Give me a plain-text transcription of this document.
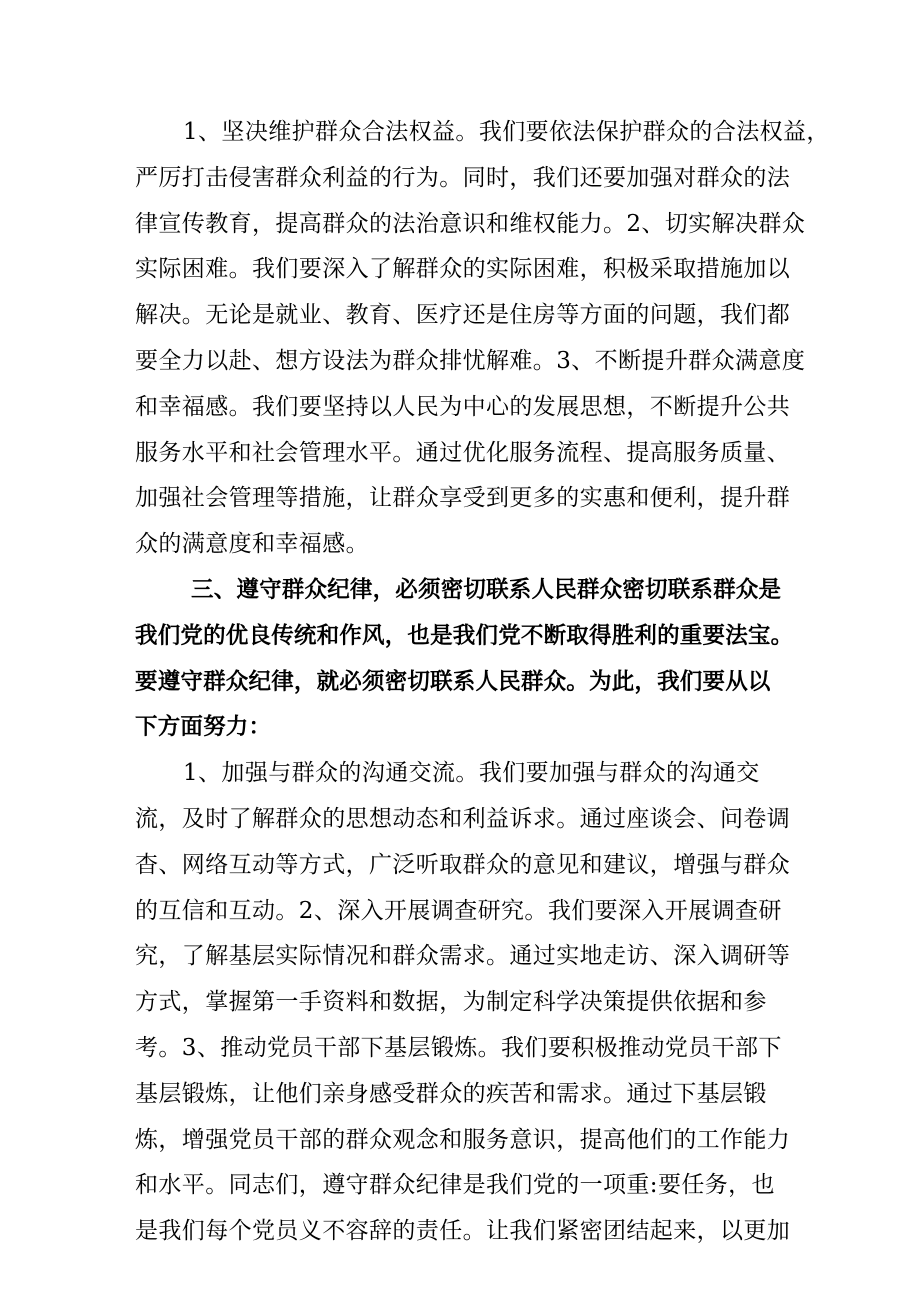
1、坚决维护群众合法权益。我们要依法保护群众的合法权益，
严厉打击侵害群众利益的行为。同时，我们还要加强对群众的法
律宣传教育，提高群众的法治意识和维权能力。2、切实解决群众
实际困难。我们要深入了解群众的实际困难，积极采取措施加以
解决。无论是就业、教育、医疗还是住房等方面的问题，我们都
要全力以赴、想方设法为群众排忧解难。3、不断提升群众满意度
和幸福感。我们要坚持以人民为中心的发展思想，不断提升公共
服务水平和社会管理水平。通过优化服务流程、提高服务质量、
加强社会管理等措施，让群众享受到更多的实惠和便利，提升群
众的满意度和幸福感。
三、遵守群众纪律，必须密切联系人民群众密切联系群众是
我们党的优良传统和作风，也是我们党不断取得胜利的重要法宝。
要遵守群众纪律，就必须密切联系人民群众。为此，我们要从以
下方面努力：
1、加强与群众的沟通交流。我们要加强与群众的沟通交
流，及时了解群众的思想动态和利益诉求。通过座谈会、问卷调
杳、网络互动等方式，广泛听取群众的意见和建议，增强与群众
的互信和互动。2、深入开展调查研究。我们要深入开展调查研
究，了解基层实际情况和群众需求。通过实地走访、深入调研等
方式，掌握第一手资料和数据，为制定科学决策提供依据和参
考。3、推动党员干部下基层锻炼。我们要积极推动党员干部下
基层锻炼，让他们亲身感受群众的疾苦和需求。通过下基层锻
炼，增强党员干部的群众观念和服务意识，提高他们的工作能力
和水平。同志们，遵守群众纪律是我们党的一项重:要任务，也
是我们每个党员义不容辞的责任。让我们紧密团结起来，以更加
